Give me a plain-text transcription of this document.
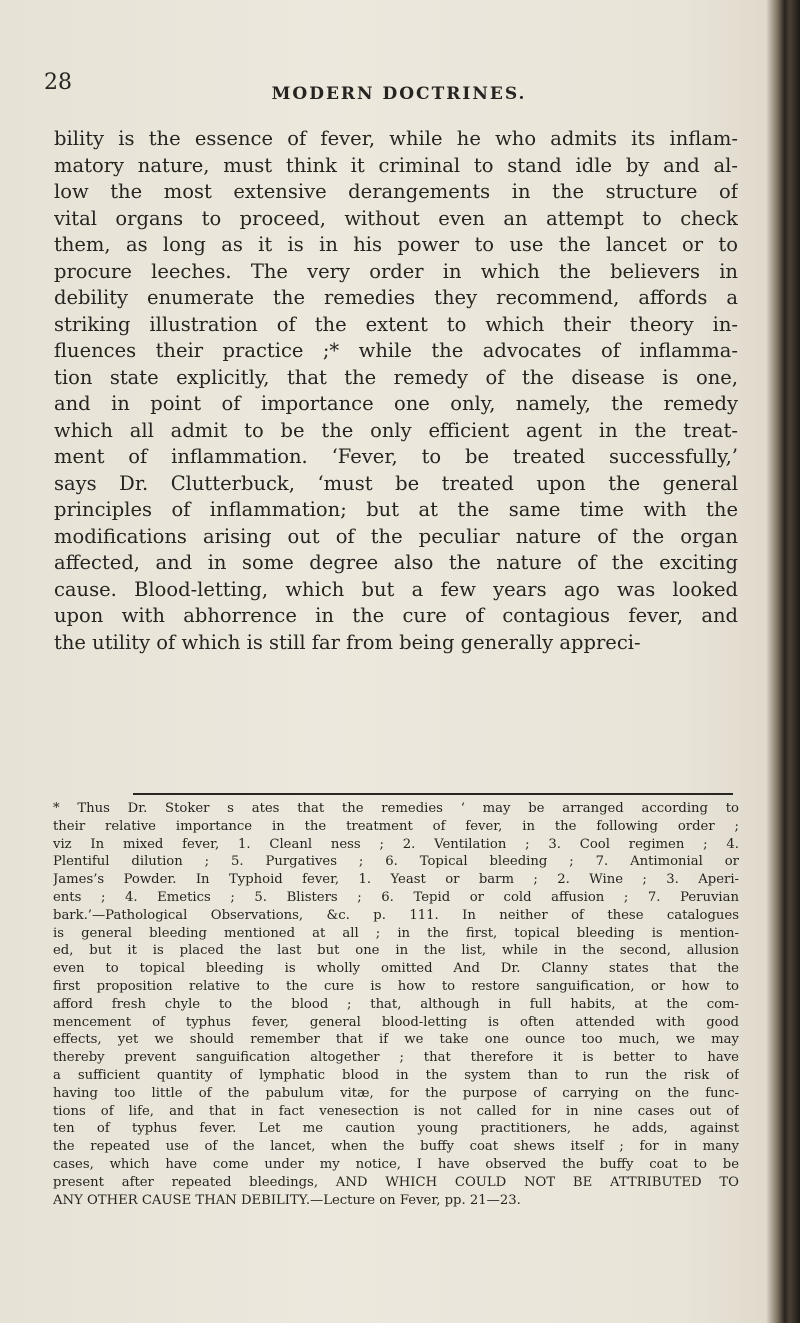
28	MODERN DOCTRINES.
bility is the essence of fever, while he who admits its inflam-
matory nature, must think it criminal to stand idle by and al-
low the most extensive derangements in the structure of
vital organs to proceed, without even an attempt to check
them, as long as it is in his power to use the lancet or to
procure leeches. The very order in which the believers in
debility enumerate the remedies they recommend, affords a
striking illustration of the extent to which their theory in-
fluences their practice ;* while the advocates of inflamma-
tion state explicitly, that the remedy of the disease is one,
and in point of importance one only, namely, the remedy
which all admit to be the only efficient agent in the treat-
ment of inflammation. ‘Fever, to be treated successfully,’
says Dr. Clutterbuck, ‘must be treated upon the general
principles of inflammation; but at the same time with the
modifications arising out of the peculiar nature of the organ
affected, and in some degree also the nature of the exciting
cause. Blood-letting, which but a few years ago was looked
upon with abhorrence in the cure of contagious fever, and
the utility of which is still far from being generally appreci-
* Thus Dr. Stoker s ates that the remedies ‘ may be arranged according to
their relative importance in the treatment of fever, in the following order ;
viz In mixed fever, 1. Cleanl ness ; 2. Ventilation ; 3. Cool regimen ; 4.
Plentiful dilution ; 5. Purgatives ; 6. Topical bleeding ; 7. Antimonial or
James’s Powder. In Typhoid fever, 1. Yeast or barm ; 2. Wine ; 3. Aperi-
ents ; 4. Emetics ; 5. Blisters ; 6. Tepid or cold affusion ; 7. Peruvian
bark.’—Pathological Observations, &c. p. 111. In neither of these catalogues
is general bleeding mentioned at all ; in the first, topical bleeding is mention-
ed, but it is placed the last but one in the list, while in the second, allusion
even to topical bleeding is wholly omitted And Dr. Clanny states that the
first proposition relative to the cure is how to restore sanguification, or how to
afford fresh chyle to the blood ; that, although in full habits, at the com-
mencement of typhus fever, general blood-letting is often attended with good
effects, yet we should remember that if we take one ounce too much, we may
thereby prevent sanguification altogether ; that therefore it is better to have
a sufficient quantity of lymphatic blood in the system than to run the risk of
having too little of the pabulum vitæ, for the purpose of carrying on the func-
tions of life, and that in fact venesection is not called for in nine cases out of
ten of typhus fever. Let me caution young practitioners, he adds, against
the repeated use of the lancet, when the buffy coat shews itself ; for in many
cases, which have come under my notice, I have observed the buffy coat to be
present after repeated bleedings, AND WHICH COULD NOT BE ATTRIBUTED TO
ANY OTHER CAUSE THAN DEBILITY.—Lecture on Fever, pp. 21—23.
